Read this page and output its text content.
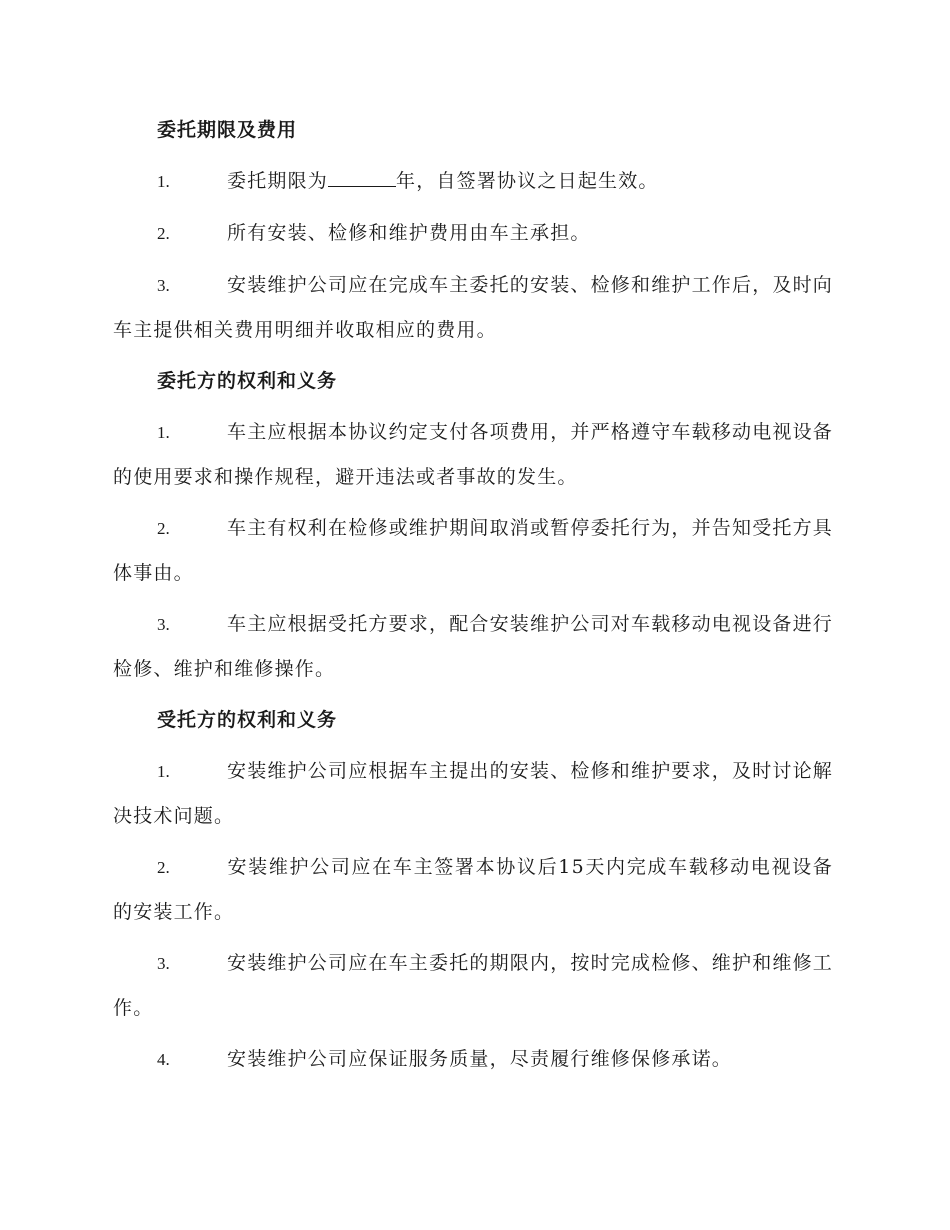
委托期限及费用
1.	委托期限为	年，自签署协议之日起生效。
2.	所有安装、检修和维护费用由车主承担。
3.	安装维护公司应在完成车主委托的安装、检修和维护工作后，及时向车主提供相关费用明细并收取相应的费用。
委托方的权利和义务
1.	车主应根据本协议约定支付各项费用，并严格遵守车载移动电视设备的使用要求和操作规程，避开违法或者事故的发生。
2.	车主有权利在检修或维护期间取消或暂停委托行为，并告知受托方具体事由。
3.	车主应根据受托方要求，配合安装维护公司对车载移动电视设备进行检修、维护和维修操作。
受托方的权利和义务
1.	安装维护公司应根据车主提出的安装、检修和维护要求，及时讨论解决技术问题。
2.	安装维护公司应在车主签署本协议后15天内完成车载移动电视设备的安装工作。
3.	安装维护公司应在车主委托的期限内，按时完成检修、维护和维修工作。
4.	安装维护公司应保证服务质量，尽责履行维修保修承诺。
